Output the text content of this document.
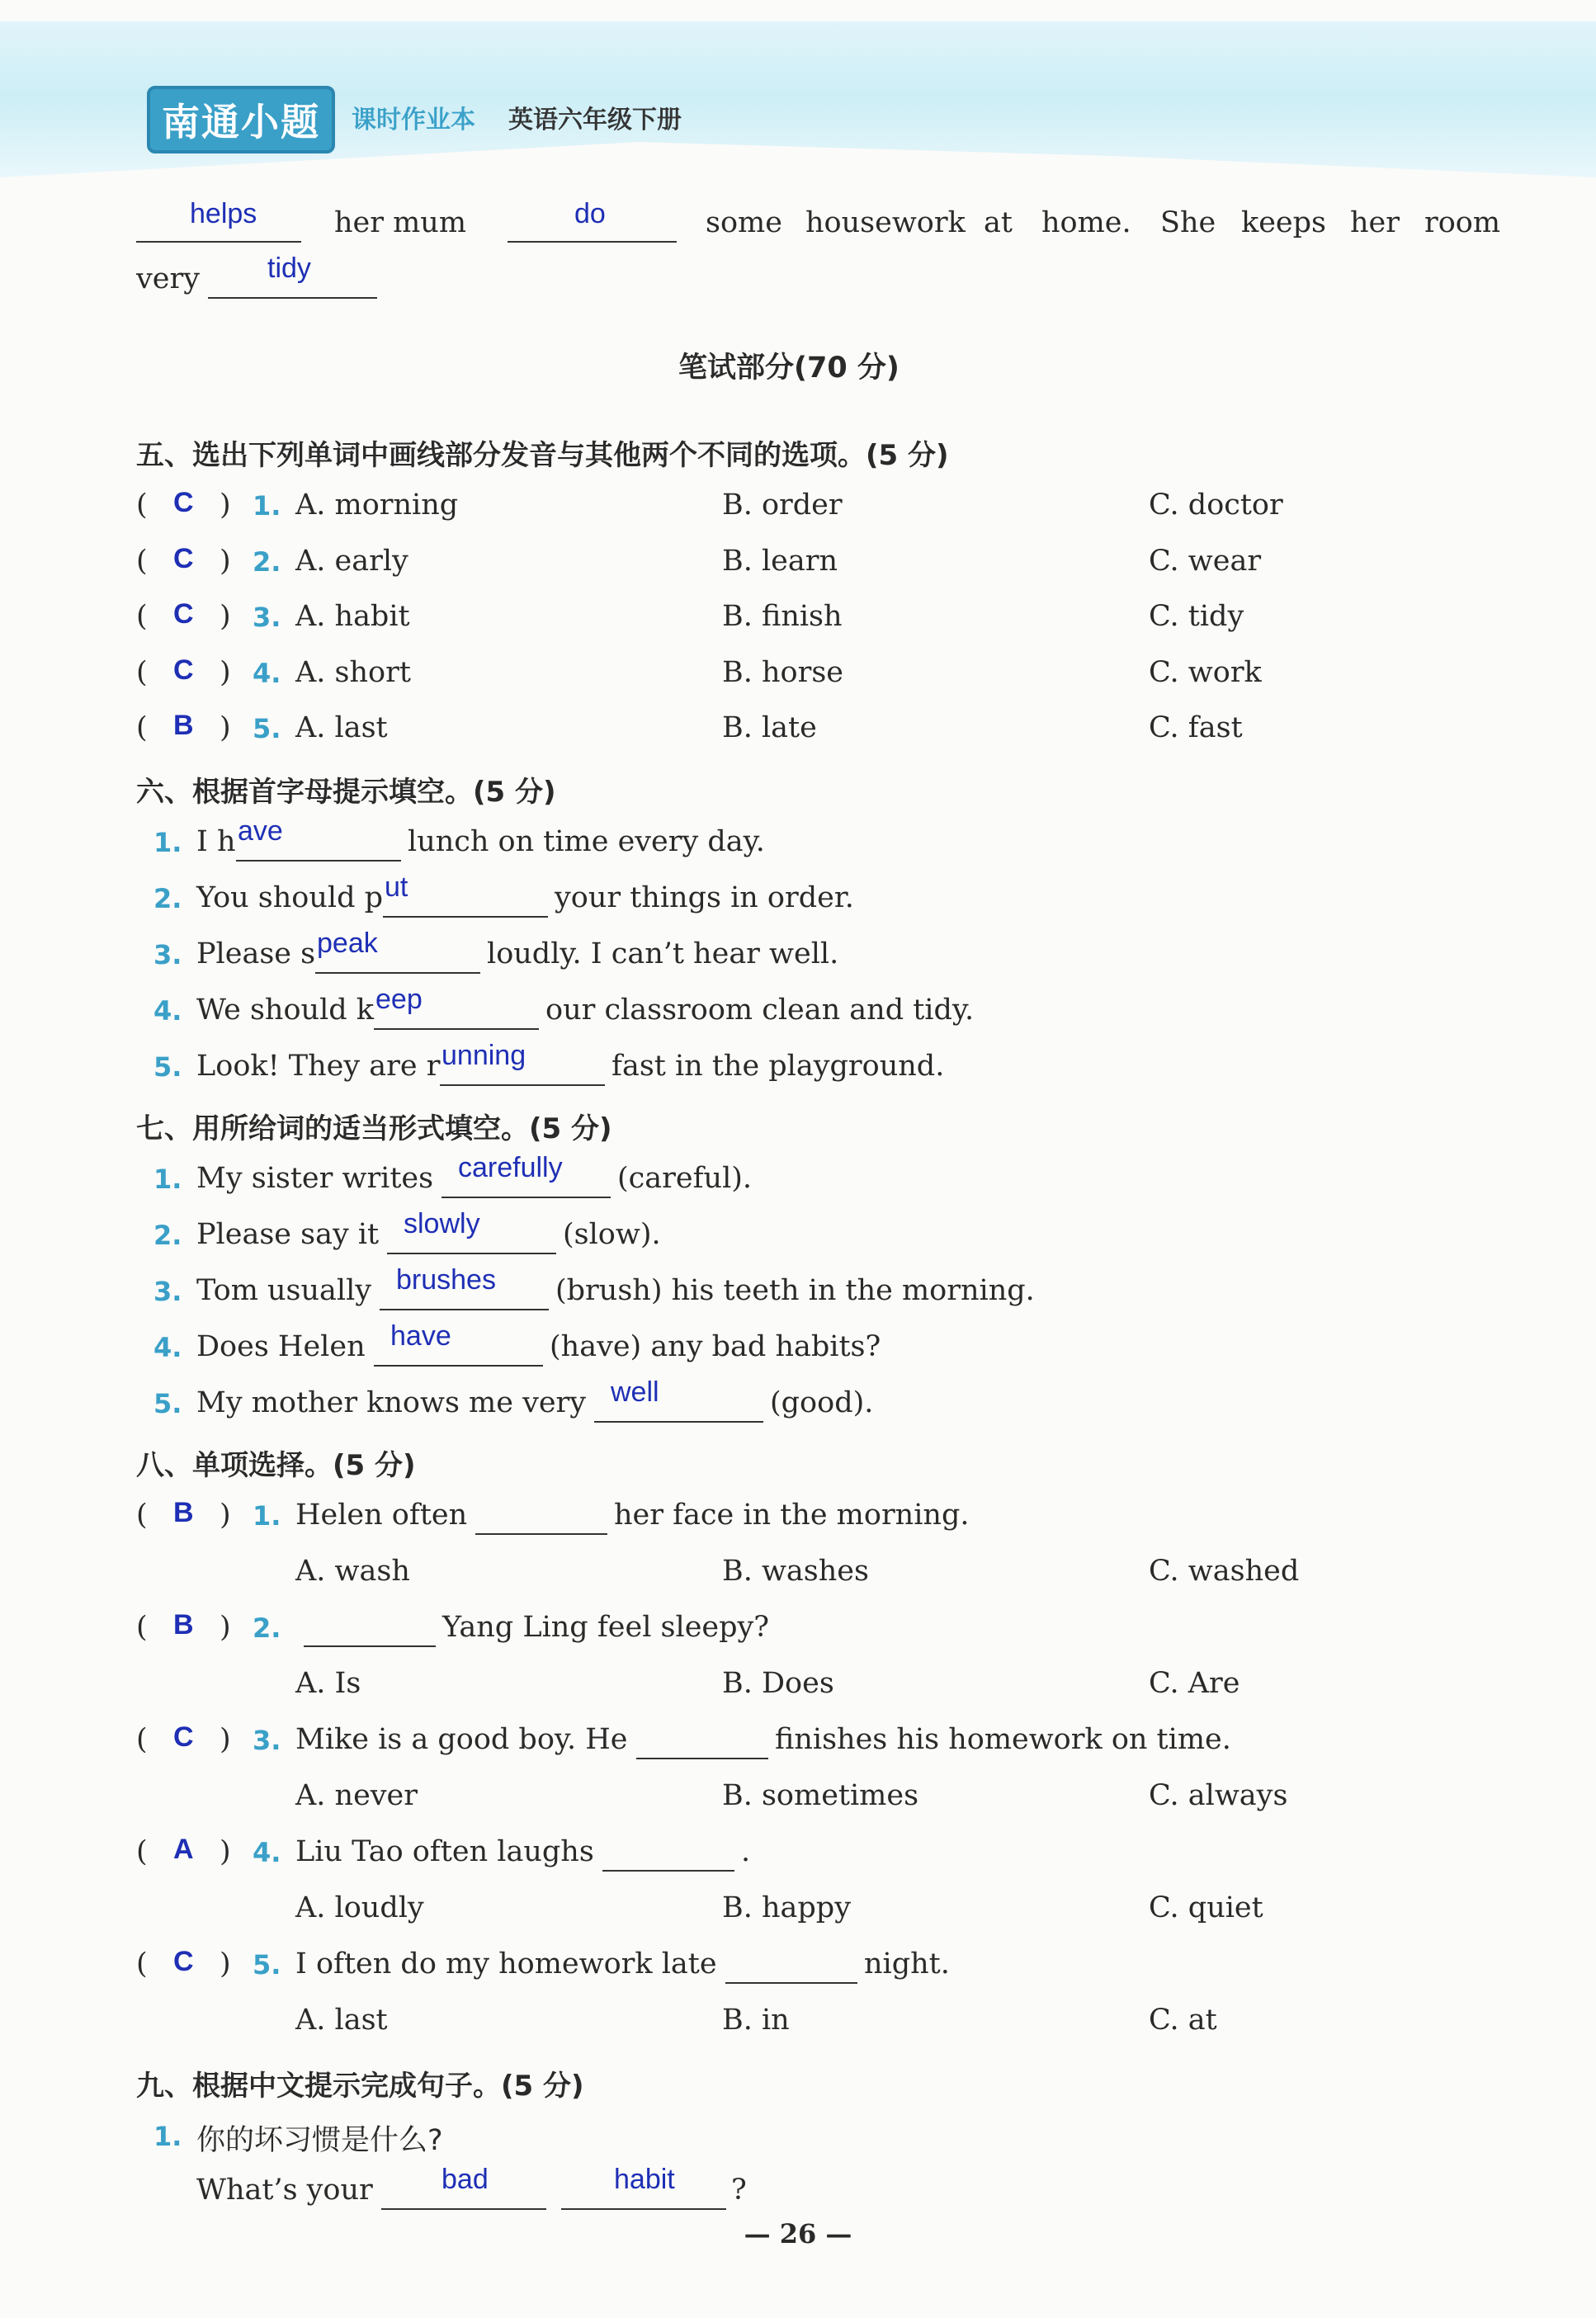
南通小题	课时作业本 英语六年级下册
helps	her mum	do	some housework at home. She keeps her room
very tidy
笔试部分(70 分)
五、选出下列单词中画线部分发音与其他两个不同的选项。(5 分)
( C ) 1. A. morning	B. order	C. doctor
( C ) 2. A. early	B. learn	C. wear
( C ) 3. A. habit	B. finish	C. tidy
( C ) 4. A. short	B. horse	C. work
( B ) 5. A. last	B. late	C. fast
六、根据首字母提示填空。(5 分)
1. I h
2. You should p
3. Please s
4. We should k
5. Look! They are r
ave	lunch on time every day.
ut	your things in order.
peak	loudly. I can’t hear well.
eep	our classroom clean and tidy.
unning	fast in the playground.
七、用所给词的适当形式填空。(5 分)
1. My sister writes
2. Please say it
3. Tom usually
4. Does Helen
5. My mother knows me very
carefully (careful).
slowly	(slow).
brushes (brush) his teeth in the morning.
have	(have) any bad habits?
well	(good).
八、单项选择。(5 分)
( B ) 1. Helen often
A. wash	B. washes	C. washed
( B ) 2.
A. Is	B. Does	C. Are
( C ) 3. Mike is a good boy. He
A. never	B. sometimes	C. always
( A ) 4. Liu Tao often laughs
A. loudly	B. happy	C. quiet
( C ) 5. I often do my homework late
A. last	B. in	C. at
her face in the morning.
Yang Ling feel sleepy?
finishes his homework on time.
.
night.
九、根据中文提示完成句子。(5 分)
1. 你的坏习惯是什么?
What’s your bad	habit ?
— 26 —
